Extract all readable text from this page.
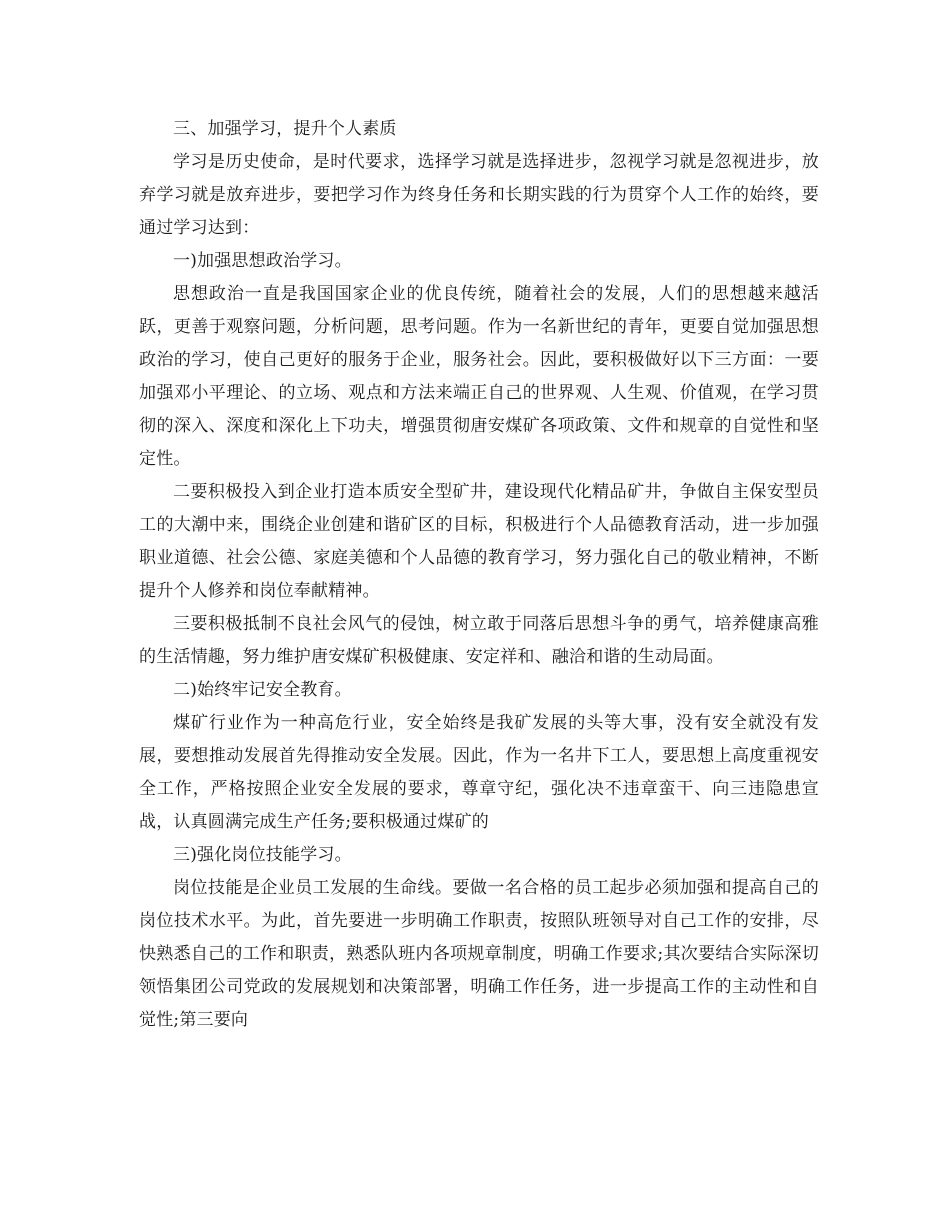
三、加强学习，提升个人素质

学习是历史使命，是时代要求，选择学习就是选择进步，忽视学习就是忽视进步，放弃学习就是放弃进步，要把学习作为终身任务和长期实践的行为贯穿个人工作的始终，要通过学习达到：

一)加强思想政治学习。

思想政治一直是我国国家企业的优良传统，随着社会的发展，人们的思想越来越活跃，更善于观察问题，分析问题，思考问题。作为一名新世纪的青年，更要自觉加强思想政治的学习，使自己更好的服务于企业，服务社会。因此，要积极做好以下三方面：一要加强邓小平理论、的立场、观点和方法来端正自己的世界观、人生观、价值观，在学习贯彻的深入、深度和深化上下功夫，增强贯彻唐安煤矿各项政策、文件和规章的自觉性和坚定性。

二要积极投入到企业打造本质安全型矿井，建设现代化精品矿井，争做自主保安型员工的大潮中来，围绕企业创建和谐矿区的目标，积极进行个人品德教育活动，进一步加强职业道德、社会公德、家庭美德和个人品德的教育学习，努力强化自己的敬业精神，不断提升个人修养和岗位奉献精神。

三要积极抵制不良社会风气的侵蚀，树立敢于同落后思想斗争的勇气，培养健康高雅的生活情趣，努力维护唐安煤矿积极健康、安定祥和、融洽和谐的生动局面。

二)始终牢记安全教育。

煤矿行业作为一种高危行业，安全始终是我矿发展的头等大事，没有安全就没有发展，要想推动发展首先得推动安全发展。因此，作为一名井下工人，要思想上高度重视安全工作，严格按照企业安全发展的要求，尊章守纪，强化决不违章蛮干、向三违隐患宣战，认真圆满完成生产任务;要积极通过煤矿的

三)强化岗位技能学习。

岗位技能是企业员工发展的生命线。要做一名合格的员工起步必须加强和提高自己的岗位技术水平。为此，首先要进一步明确工作职责，按照队班领导对自己工作的安排，尽快熟悉自己的工作和职责，熟悉队班内各项规章制度，明确工作要求;其次要结合实际深切领悟集团公司党政的发展规划和决策部署，明确工作任务，进一步提高工作的主动性和自觉性;第三要向
